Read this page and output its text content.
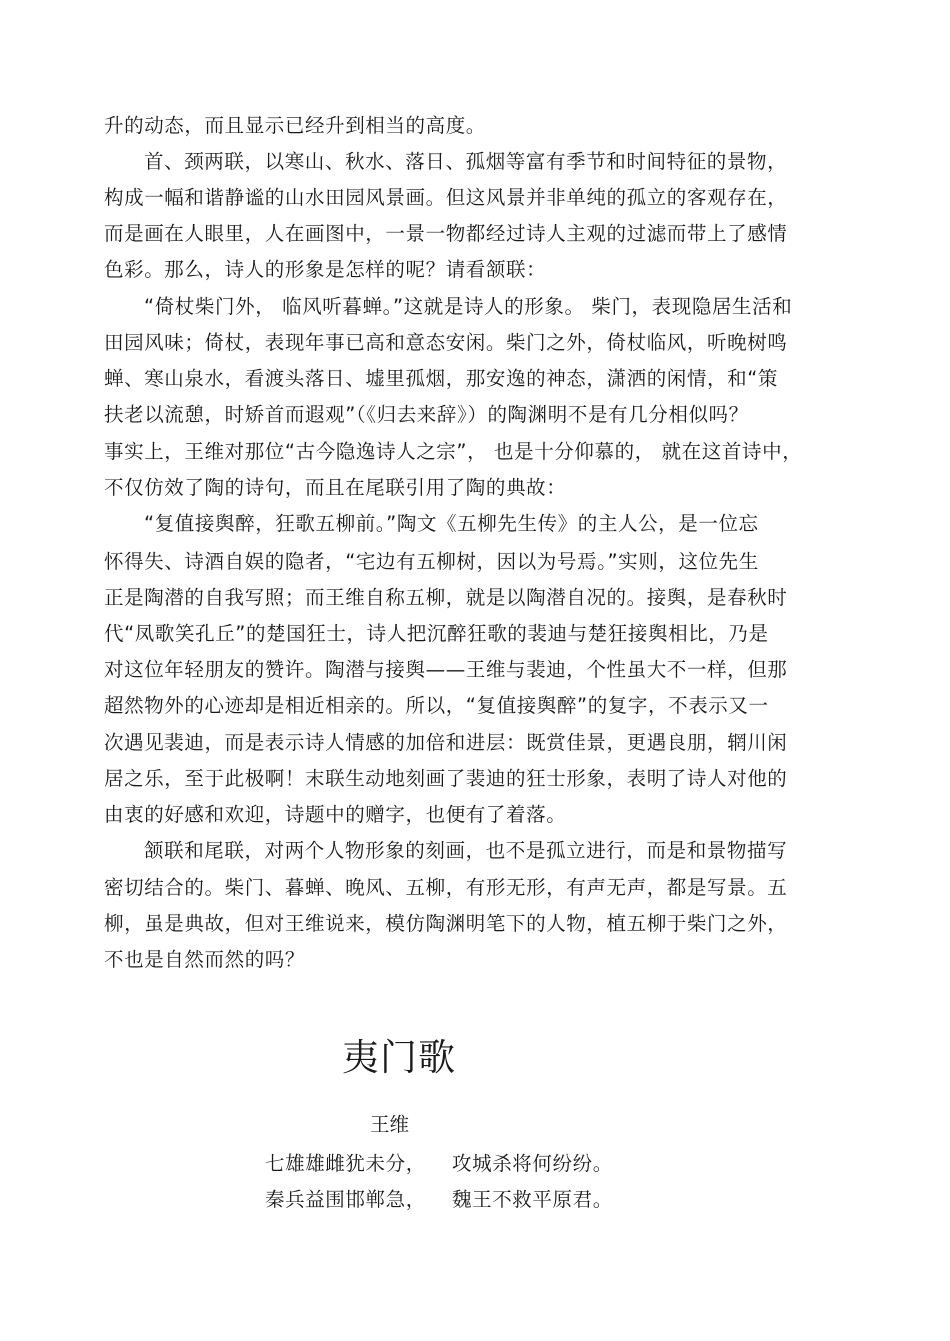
升的动态，而且显示已经升到相当的高度。
首、颈两联，以寒山、秋水、落日、孤烟等富有季节和时间特征的景物，
构成一幅和谐静谧的山水田园风景画。但这风景并非单纯的孤立的客观存在，
而是画在人眼里，人在画图中，一景一物都经过诗人主观的过滤而带上了感情
色彩。那么，诗人的形象是怎样的呢？请看颔联：
“倚杖柴门外， 临风听暮蝉。”这就是诗人的形象。 柴门，表现隐居生活和
田园风味；倚杖，表现年事已高和意态安闲。柴门之外，倚杖临风，听晚树鸣
蝉、寒山泉水，看渡头落日、墟里孤烟，那安逸的神态，潇洒的闲情，和“策
扶老以流憩，时矫首而遐观”（《归去来辞》）的陶渊明不是有几分相似吗？
事实上，王维对那位“古今隐逸诗人之宗”， 也是十分仰慕的， 就在这首诗中，
不仅仿效了陶的诗句，而且在尾联引用了陶的典故：
“复值接舆醉，狂歌五柳前。”陶文《五柳先生传》的主人公，是一位忘
怀得失、诗酒自娱的隐者，“宅边有五柳树，因以为号焉。”实则，这位先生
正是陶潜的自我写照；而王维自称五柳，就是以陶潜自况的。接舆，是春秋时
代“凤歌笑孔丘”的楚国狂士，诗人把沉醉狂歌的裴迪与楚狂接舆相比，乃是
对这位年轻朋友的赞许。陶潜与接舆——王维与裴迪，个性虽大不一样，但那
超然物外的心迹却是相近相亲的。所以，“复值接舆醉”的复字，不表示又一
次遇见裴迪，而是表示诗人情感的加倍和进层：既赏佳景，更遇良朋，辋川闲
居之乐，至于此极啊！末联生动地刻画了裴迪的狂士形象，表明了诗人对他的
由衷的好感和欢迎，诗题中的赠字，也便有了着落。
颔联和尾联，对两个人物形象的刻画，也不是孤立进行，而是和景物描写
密切结合的。柴门、暮蝉、晚风、五柳，有形无形，有声无声，都是写景。五
柳，虽是典故，但对王维说来，模仿陶渊明笔下的人物，植五柳于柴门之外，
不也是自然而然的吗？
夷门歌
王维
七雄雄雌犹未分， 攻城杀将何纷纷。
秦兵益围邯郸急， 魏王不救平原君。
